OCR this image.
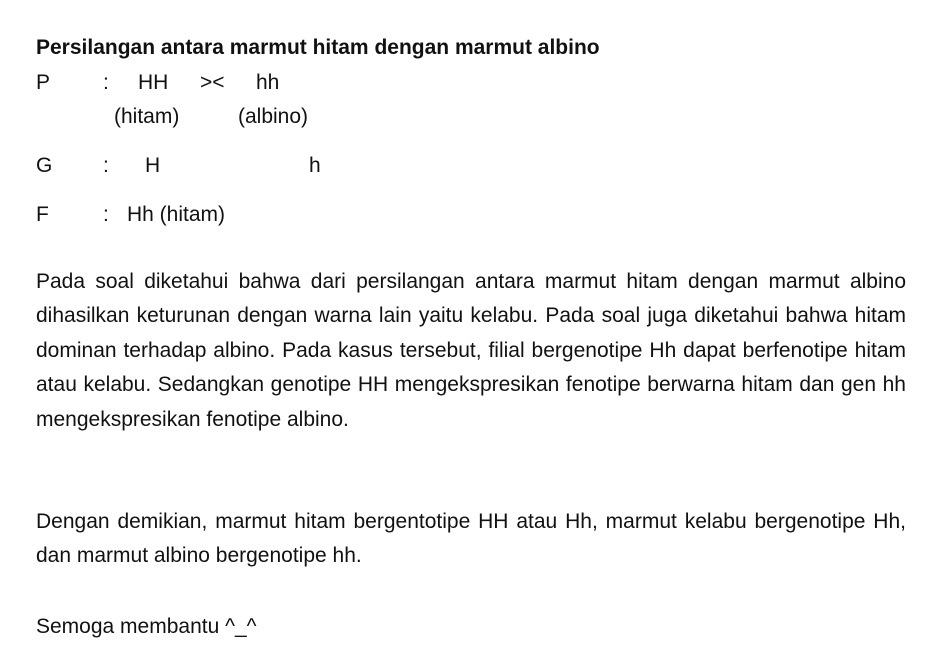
Persilangan antara marmut hitam dengan marmut albino
P	: HH >< hh
(hitam)	(albino)
G : H	h
F	: Hh (hitam)

Pada soal diketahui bahwa dari persilangan antara marmut hitam dengan marmut albino dihasilkan keturunan dengan warna lain yaitu kelabu. Pada soal juga diketahui bahwa hitam dominan terhadap albino. Pada kasus tersebut, filial bergenotipe Hh dapat berfenotipe hitam atau kelabu. Sedangkan genotipe HH mengekspresikan fenotipe berwarna hitam dan gen hh mengekspresikan fenotipe albino.

Dengan demikian, marmut hitam bergentotipe HH atau Hh, marmut kelabu bergenotipe Hh, dan marmut albino bergenotipe hh.

Semoga membantu ^_^
